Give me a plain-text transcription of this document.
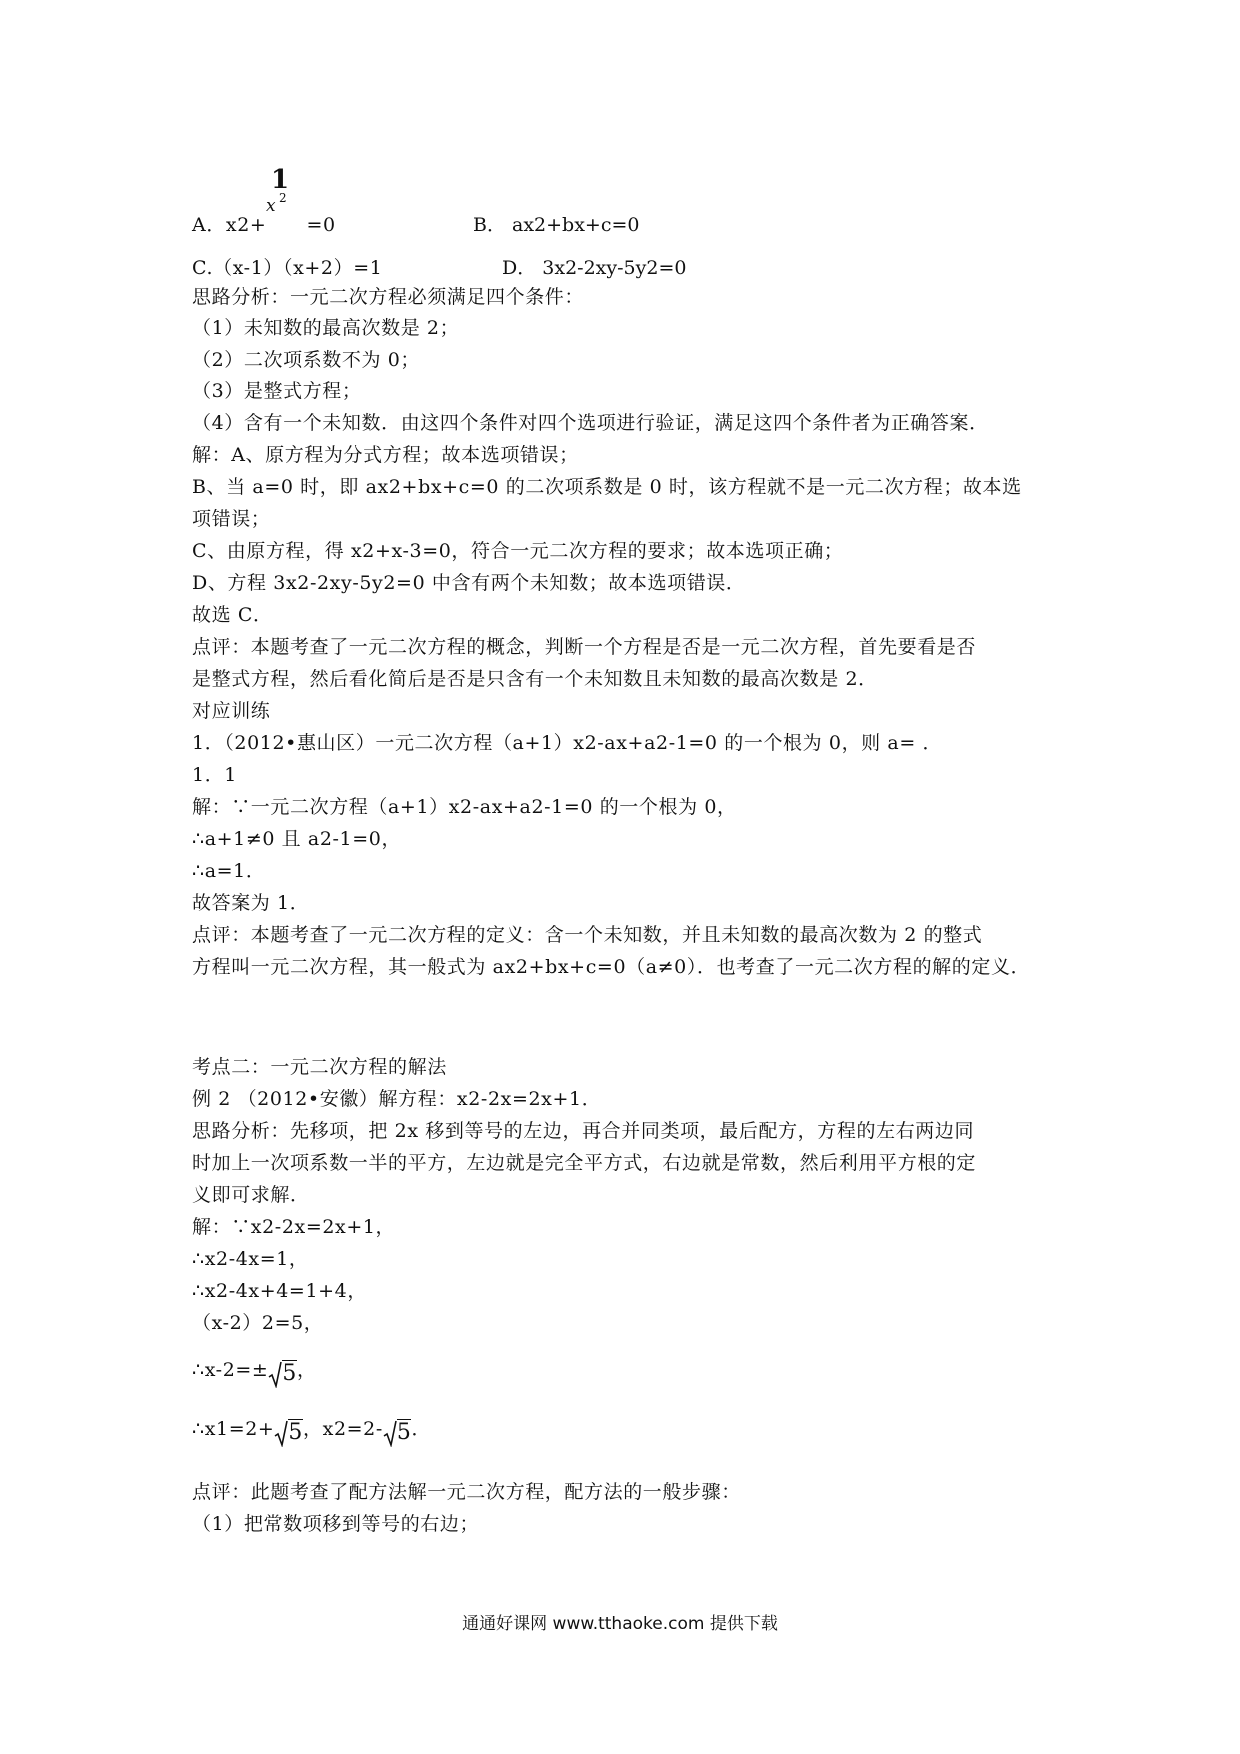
1
A．x2+ =0
x 2
B． ax2+bx+c=0
C.（x-1）（x+2）=1	D． 3x2-2xy-5y2=0
思路分析：一元二次方程必须满足四个条件：
（1）未知数的最高次数是 2；
（2）二次项系数不为 0；
（3）是整式方程；
（4）含有一个未知数．由这四个条件对四个选项进行验证，满足这四个条件者为正确答案．
解：A、原方程为分式方程；故本选项错误；
B、当 a=0 时，即 ax2+bx+c=0 的二次项系数是 0 时，该方程就不是一元二次方程；故本选
项错误；
C、由原方程，得 x2+x-3=0，符合一元二次方程的要求；故本选项正确；
D、方程 3x2-2xy-5y2=0 中含有两个未知数；故本选项错误．
故选 C．
点评：本题考查了一元二次方程的概念，判断一个方程是否是一元二次方程，首先要看是否
是整式方程，然后看化简后是否是只含有一个未知数且未知数的最高次数是 2．
对应训练
1．（2012•惠山区）一元二次方程（a+1）x2-ax+a2-1=0 的一个根为 0，则 a= ．
1．1
解：∵一元二次方程（a+1）x2-ax+a2-1=0 的一个根为 0，
∴a+1≠0 且 a2-1=0，
∴a=1．
故答案为 1．
点评：本题考查了一元二次方程的定义：含一个未知数，并且未知数的最高次数为 2 的整式
方程叫一元二次方程，其一般式为 ax2+bx+c=0（a≠0）．也考查了一元二次方程的解的定义．
考点二：一元二次方程的解法
例 2 （2012•安徽）解方程：x2-2x=2x+1．
思路分析：先移项，把 2x 移到等号的左边，再合并同类项，最后配方，方程的左右两边同
时加上一次项系数一半的平方，左边就是完全平方式，右边就是常数，然后利用平方根的定
义即可求解．
解：∵x2-2x=2x+1，
∴x2-4x=1，
∴x2-4x+4=1+4，
（x-2）2=5，
∴x-2=± 5，
∴x1=2+ 5，x2=2- 5．
点评：此题考查了配方法解一元二次方程，配方法的一般步骤：
（1）把常数项移到等号的右边；
通通好课网 www.tthaoke.com 提供下载
